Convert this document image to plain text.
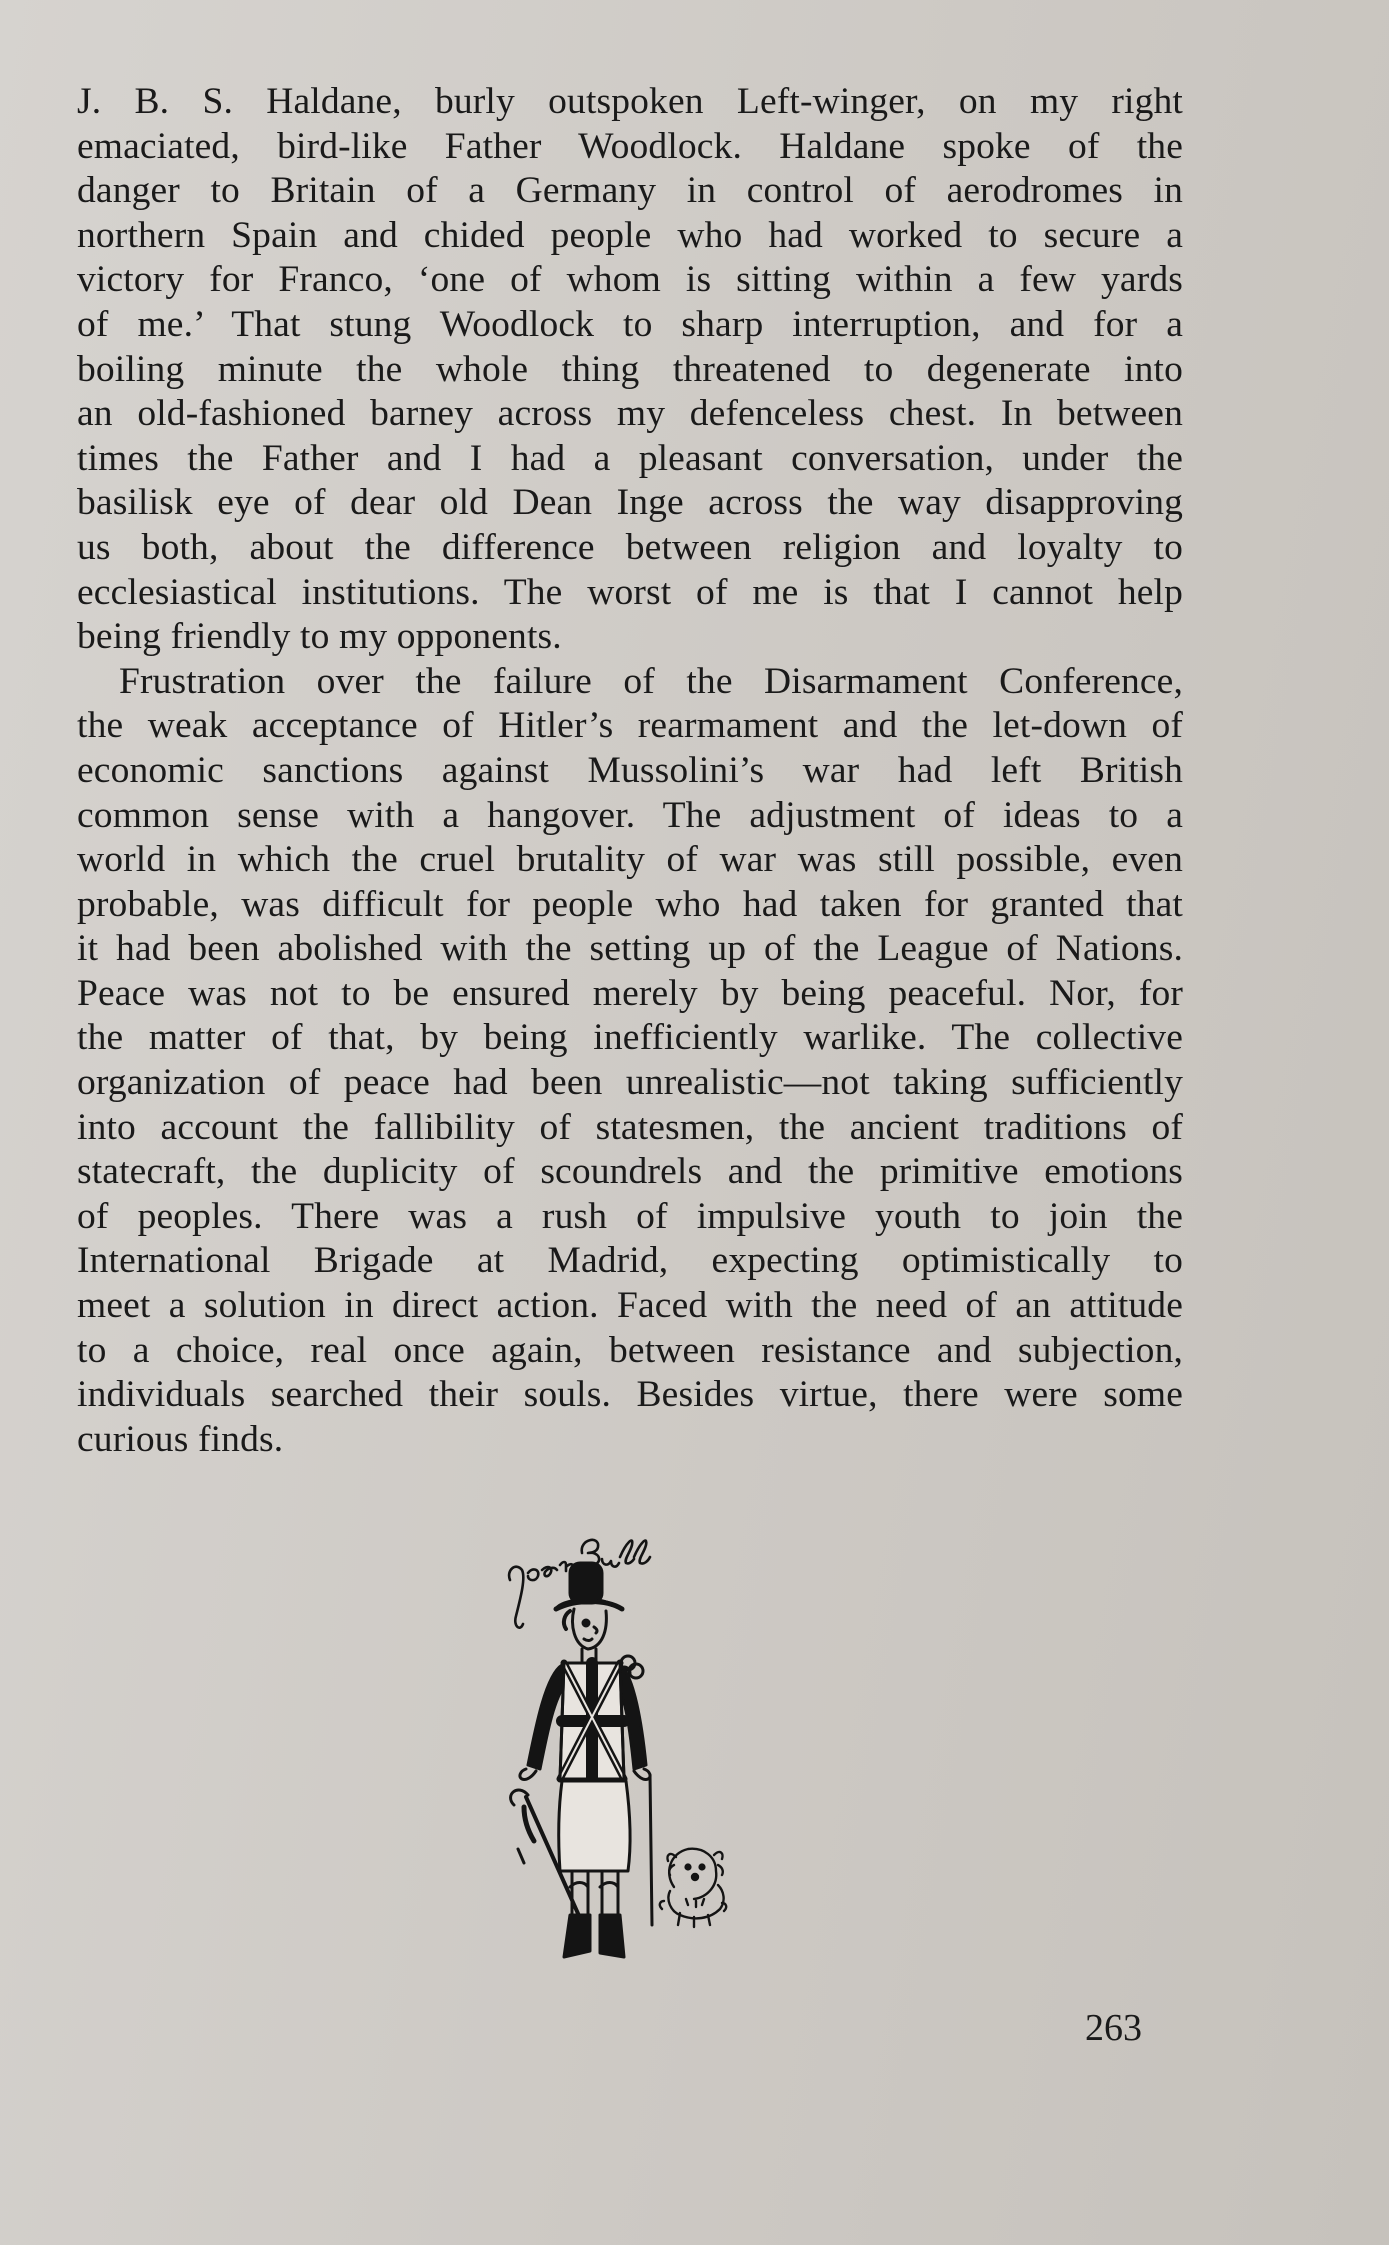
J. B. S. Haldane, burly outspoken Left-winger, on my right
emaciated, bird-like Father Woodlock. Haldane spoke of the
danger to Britain of a Germany in control of aerodromes in
northern Spain and chided people who had worked to secure a
victory for Franco, ‘one of whom is sitting within a few yards
of me.’ That stung Woodlock to sharp interruption, and for a
boiling minute the whole thing threatened to degenerate into
an old-fashioned barney across my defenceless chest. In between
times the Father and I had a pleasant conversation, under the
basilisk eye of dear old Dean Inge across the way disapproving
us both, about the difference between religion and loyalty to
ecclesiastical institutions. The worst of me is that I cannot help
being friendly to my opponents.
Frustration over the failure of the Disarmament Conference,
the weak acceptance of Hitler’s rearmament and the let-down of
economic sanctions against Mussolini’s war had left British
common sense with a hangover. The adjustment of ideas to a
world in which the cruel brutality of war was still possible, even
probable, was difficult for people who had taken for granted that
it had been abolished with the setting up of the League of Nations.
Peace was not to be ensured merely by being peaceful. Nor, for
the matter of that, by being inefficiently warlike. The collective
organization of peace had been unrealistic—not taking sufficiently
into account the fallibility of statesmen, the ancient traditions of
statecraft, the duplicity of scoundrels and the primitive emotions
of peoples. There was a rush of impulsive youth to join the
International Brigade at Madrid, expecting optimistically to
meet a solution in direct action. Faced with the need of an attitude
to a choice, real once again, between resistance and subjection,
individuals searched their souls. Besides virtue, there were some
curious finds.
263
